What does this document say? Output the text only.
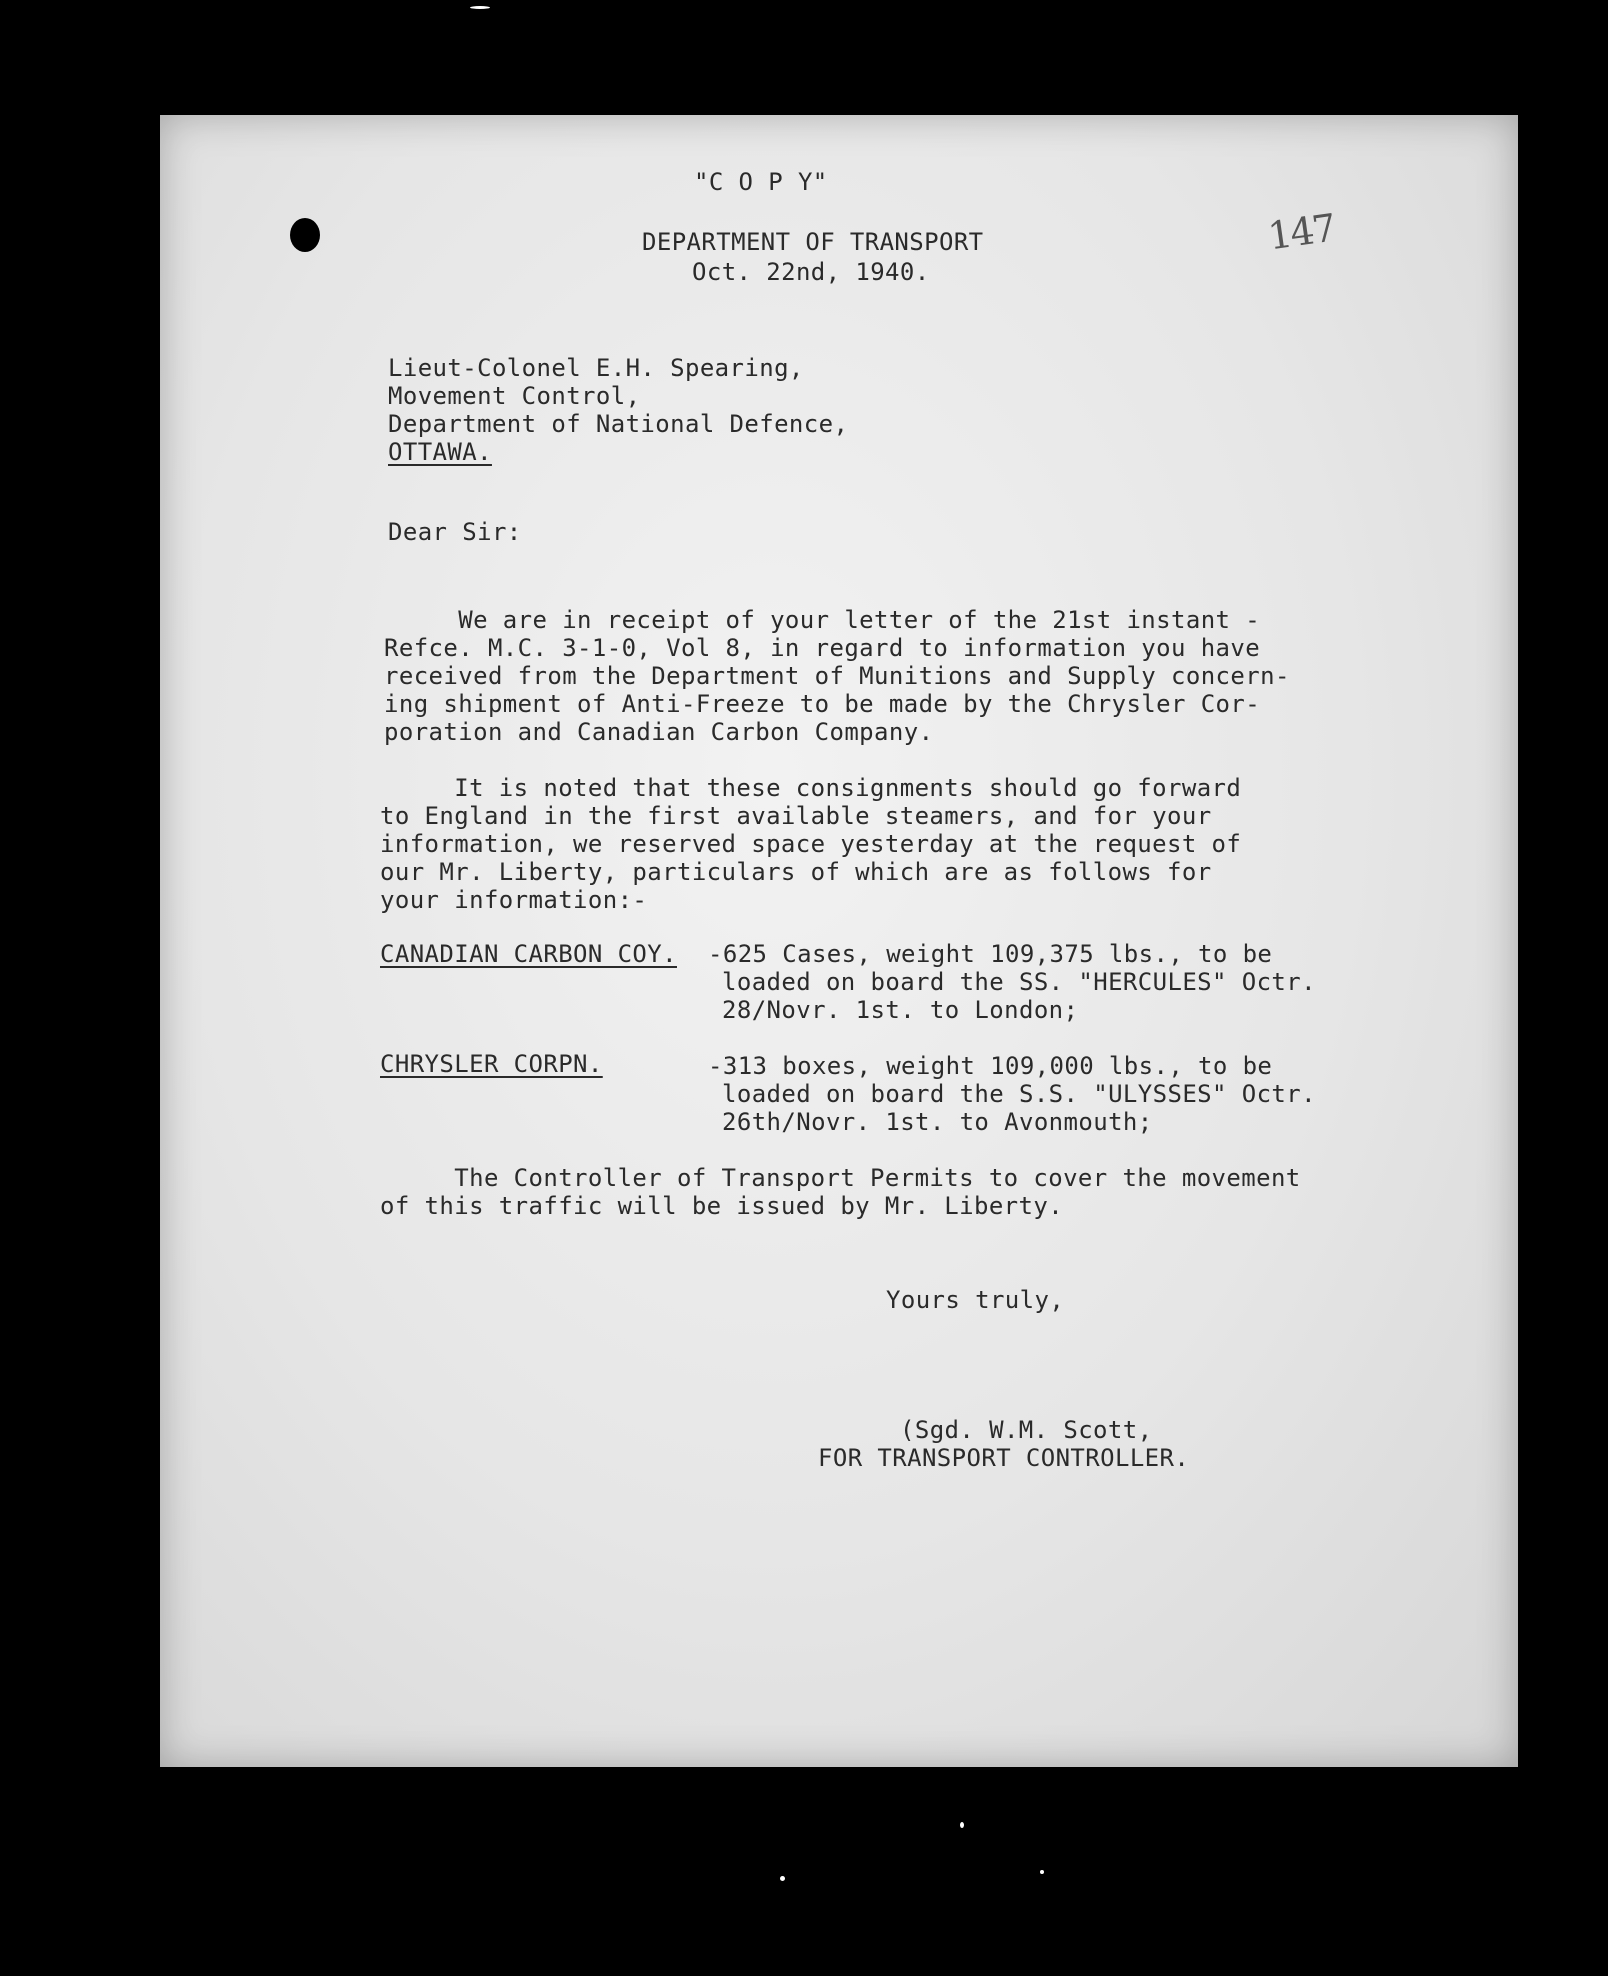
147
"C O P Y"
DEPARTMENT OF TRANSPORT
Oct. 22nd, 1940.
Lieut-Colonel E.H. Spearing,
Movement Control,
Department of National Defence,
OTTAWA.
Dear Sir:
We are in receipt of your letter of the 21st instant -
Refce. M.C. 3-1-0, Vol 8, in regard to information you have
received from the Department of Munitions and Supply concern-
ing shipment of Anti-Freeze to be made by the Chrysler Cor-
poration and Canadian Carbon Company.
It is noted that these consignments should go forward
to England in the first available steamers, and for your
information, we reserved space yesterday at the request of
our Mr. Liberty, particulars of which are as follows for
your information:-
CANADIAN CARBON COY. -625 Cases, weight 109,375 lbs., to be
loaded on board the SS. "HERCULES" Octr.
28/Novr. 1st. to London;
CHRYSLER CORPN.	-313 boxes, weight 109,000 lbs., to be
loaded on board the S.S. "ULYSSES" Octr.
26th/Novr. 1st. to Avonmouth;
The Controller of Transport Permits to cover the movement
of this traffic will be issued by Mr. Liberty.
Yours truly,
(Sgd. W.M. Scott,
FOR TRANSPORT CONTROLLER.
